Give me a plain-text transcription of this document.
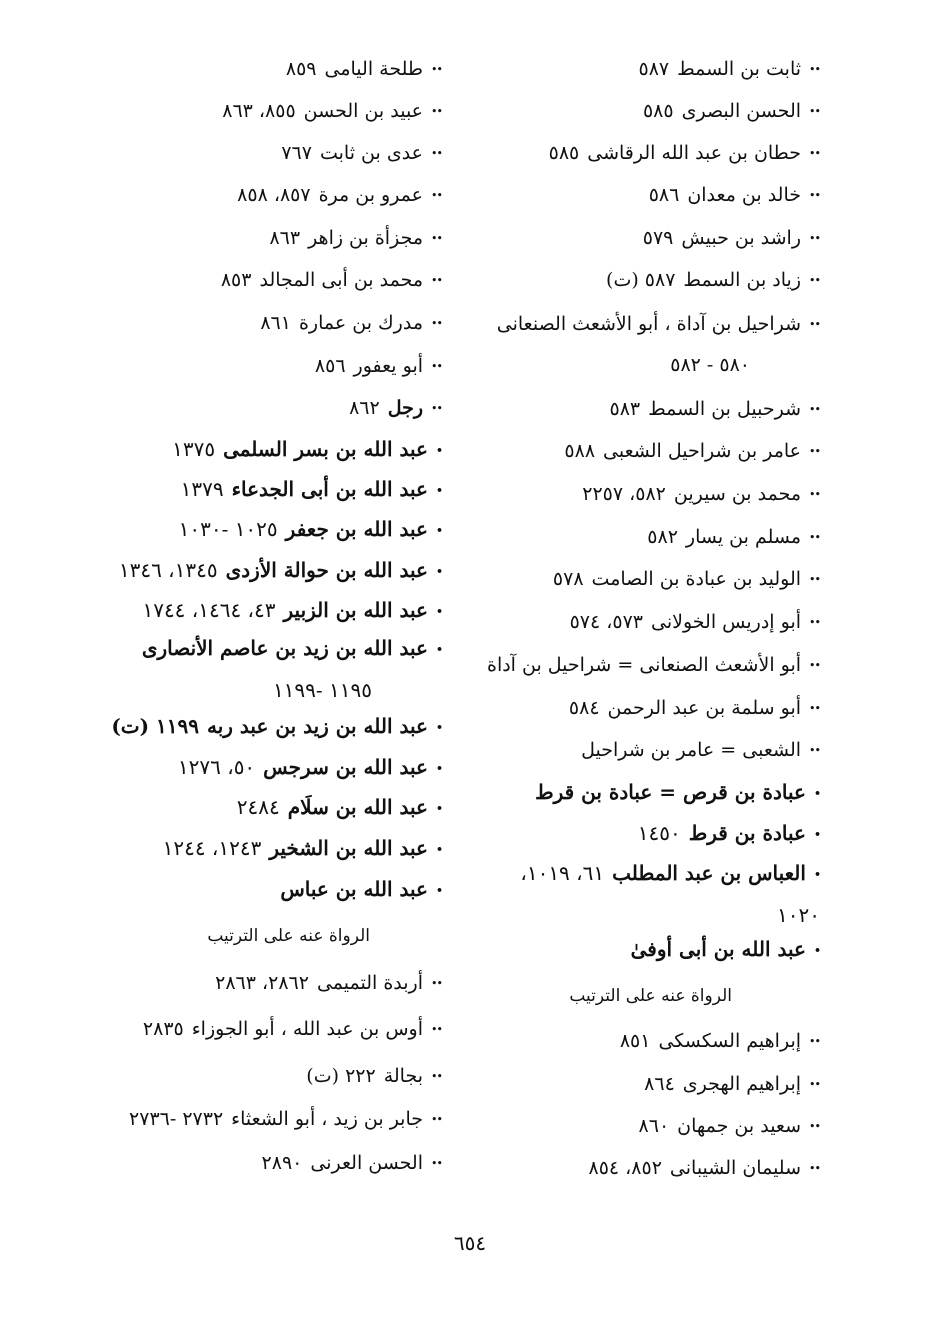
••ثابت بن السمط٥٨٧
••الحسن البصرى٥٨٥
••حطان بن عبد الله الرقاشى٥٨٥
••خالد بن معدان٥٨٦
••راشد بن حبيش٥٧٩
••زياد بن السمط٥٨٧ (ت)
••شراحيل بن آداة ، أبو الأشعث الصنعانى
٥٨٠ - ٥٨٢
••شرحبيل بن السمط٥٨٣
••عامر بن شراحيل الشعبى٥٨٨
••محمد بن سيرين٥٨٢، ٢٢٥٧
••مسلم بن يسار٥٨٢
••الوليد بن عبادة بن الصامت٥٧٨
••أبو إدريس الخولانى٥٧٣، ٥٧٤
••أبو الأشعث الصنعانى = شراحيل بن آداة
••أبو سلمة بن عبد الرحمن٥٨٤
••الشعبى = عامر بن شراحيل
•عبادة بن قرص = عبادة بن قرط
•عبادة بن قرط١٤٥٠
•العباس بن عبد المطلب٦١، ١٠١٩، ١٠٢٠
•عبد الله بن أبى أوفىٰ
الرواة عنه على الترتيب
••إبراهيم السكسكى٨٥١
••إبراهيم الهجرى٨٦٤
••سعيد بن جمهان٨٦٠
••سليمان الشيبانى٨٥٢، ٨٥٤
••طلحة اليامى٨٥٩
••عبيد بن الحسن٨٥٥، ٨٦٣
••عدى بن ثابت٧٦٧
••عمرو بن مرة٨٥٧، ٨٥٨
••مجزأة بن زاهر٨٦٣
••محمد بن أبى المجالد٨٥٣
••مدرك بن عمارة٨٦١
••أبو يعفور٨٥٦
••رجل٨٦٢
•عبد الله بن بسر السلمى١٣٧٥
•عبد الله بن أبى الجدعاء١٣٧٩
•عبد الله بن جعفر١٠٢٥ -١٠٣٠
•عبد الله بن حوالة الأزدى١٣٤٥، ١٣٤٦
•عبد الله بن الزبير٤٣، ١٤٦٤، ١٧٤٤
•عبد الله بن زيد بن عاصم الأنصارى
١١٩٥ -١١٩٩
•عبد الله بن زيد بن عبد ربه١١٩٩ (ت)
•عبد الله بن سرجس٥٠، ١٢٧٦
•عبد الله بن سلَام٢٤٨٤
•عبد الله بن الشخير١٢٤٣، ١٢٤٤
•عبد الله بن عباس
الرواة عنه على الترتيب
••أربدة التميمى٢٨٦٢، ٢٨٦٣
••أوس بن عبد الله ، أبو الجوزاء٢٨٣٥
••بجالة٢٢٢ (ت)
••جابر بن زيد ، أبو الشعثاء٢٧٣٢ -٢٧٣٦
••الحسن العرنى٢٨٩٠
٦٥٤
